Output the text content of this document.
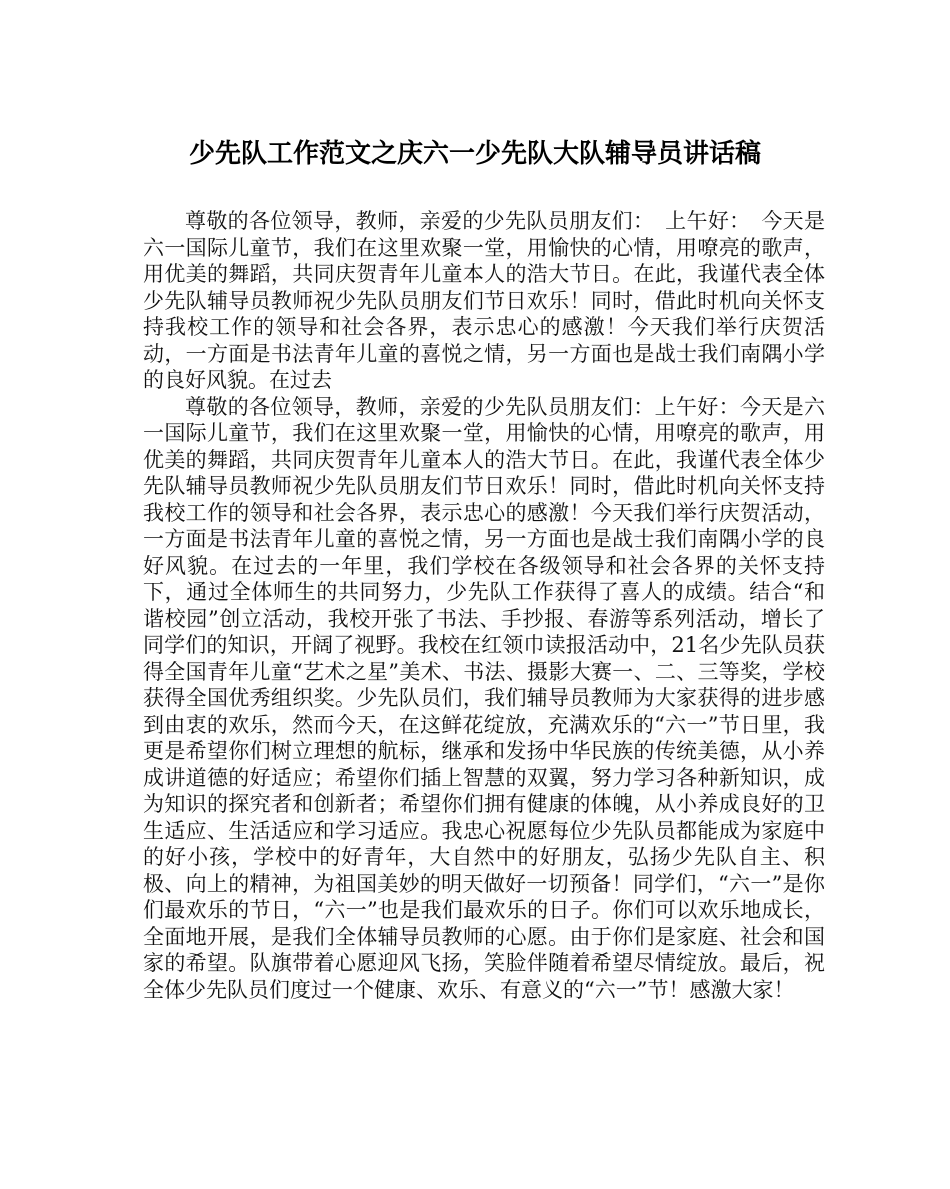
少先队工作范文之庆六一少先队大队辅导员讲话稿

尊敬的各位领导，教师，亲爱的少先队员朋友们：　上午好：　今天是六一国际儿童节，我们在这里欢聚一堂，用愉快的心情，用嘹亮的歌声，用优美的舞蹈，共同庆贺青年儿童本人的浩大节日。在此，我谨代表全体少先队辅导员教师祝少先队员朋友们节日欢乐！同时，借此时机向关怀支持我校工作的领导和社会各界，表示忠心的感激！今天我们举行庆贺活动，一方面是书法青年儿童的喜悦之情，另一方面也是战士我们南隅小学的良好风貌。在过去

尊敬的各位领导，教师，亲爱的少先队员朋友们：上午好：今天是六一国际儿童节，我们在这里欢聚一堂，用愉快的心情，用嘹亮的歌声，用优美的舞蹈，共同庆贺青年儿童本人的浩大节日。在此，我谨代表全体少先队辅导员教师祝少先队员朋友们节日欢乐！同时，借此时机向关怀支持我校工作的领导和社会各界，表示忠心的感激！今天我们举行庆贺活动，一方面是书法青年儿童的喜悦之情，另一方面也是战士我们南隅小学的良好风貌。在过去的一年里，我们学校在各级领导和社会各界的关怀支持下，通过全体师生的共同努力，少先队工作获得了喜人的成绩。结合“和谐校园”创立活动，我校开张了书法、手抄报、春游等系列活动，增长了同学们的知识，开阔了视野。我校在红领巾读报活动中，21名少先队员获得全国青年儿童“艺术之星”美术、书法、摄影大赛一、二、三等奖，学校获得全国优秀组织奖。少先队员们，我们辅导员教师为大家获得的进步感到由衷的欢乐，然而今天，在这鲜花绽放，充满欢乐的“六一”节日里，我更是希望你们树立理想的航标，继承和发扬中华民族的传统美德，从小养成讲道德的好适应；希望你们插上智慧的双翼，努力学习各种新知识，成为知识的探究者和创新者；希望你们拥有健康的体魄，从小养成良好的卫生适应、生活适应和学习适应。我忠心祝愿每位少先队员都能成为家庭中的好小孩，学校中的好青年，大自然中的好朋友，弘扬少先队自主、积极、向上的精神，为祖国美妙的明天做好一切预备！同学们，“六一”是你们最欢乐的节日，“六一”也是我们最欢乐的日子。你们可以欢乐地成长，全面地开展，是我们全体辅导员教师的心愿。由于你们是家庭、社会和国家的希望。队旗带着心愿迎风飞扬，笑脸伴随着希望尽情绽放。最后，祝全体少先队员们度过一个健康、欢乐、有意义的“六一”节！感激大家！
